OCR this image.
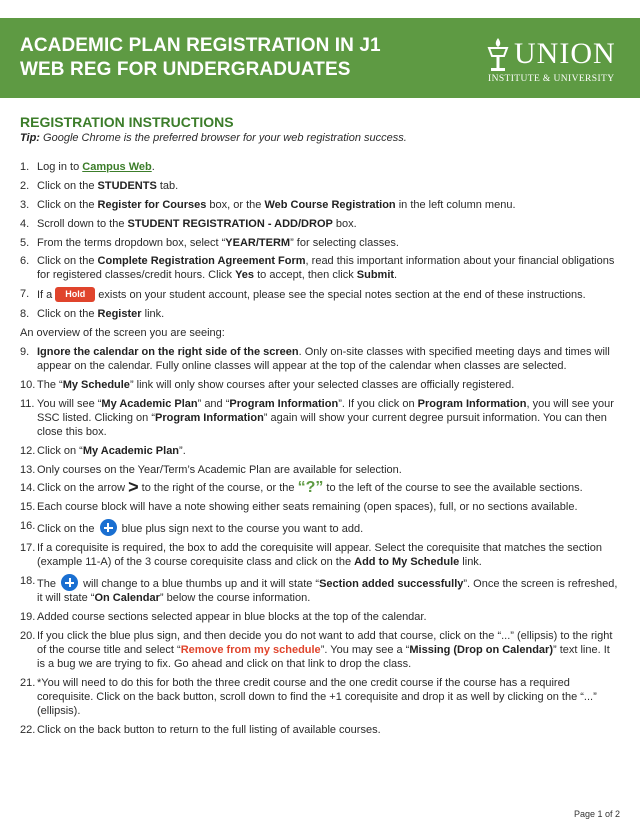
ACADEMIC PLAN REGISTRATION IN J1 WEB REG FOR UNDERGRADUATES	UNION
INSTITUTE & UNIVERSITY
REGISTRATION INSTRUCTIONS
Tip: Google Chrome is the preferred browser for your web registration success.
1. Log in to Campus Web.
2. Click on the STUDENTS tab.
3. Click on the Register for Courses box, or the Web Course Registration in the left column menu.
4. Scroll down to the STUDENT REGISTRATION - ADD/DROP box.
5. From the terms dropdown box, select “YEAR/TERM” for selecting classes.
6. Click on the Complete Registration Agreement Form, read this important information about your financial obligations for registered classes/credit hours. Click Yes to accept, then click Submit.
7. If a Hold exists on your student account, please see the special notes section at the end of these instructions.
8. Click on the Register link.
An overview of the screen you are seeing:
9. Ignore the calendar on the right side of the screen. Only on-site classes with specified meeting days and times will appear on the calendar. Fully online classes will appear at the top of the calendar when classes are selected.
10. The “My Schedule” link will only show courses after your selected classes are officially registered.
11. You will see “My Academic Plan” and “Program Information”. If you click on Program Information, you will see your SSC listed. Clicking on “Program Information” again will show your current degree pursuit information. You can then close this box.
12. Click on “My Academic Plan”.
13. Only courses on the Year/Term’s Academic Plan are available for selection.
14. Click on the arrow > to the right of the course, or the “?” to the left of the course to see the available sections.
15. Each course block will have a note showing either seats remaining (open spaces), full, or no sections available.
16. Click on the  blue plus sign next to the course you want to add.
17. If a corequisite is required, the box to add the corequisite will appear. Select the corequisite that matches the section (example 11-A) of the 3 course corequisite class and click on the Add to My Schedule link.
18. The  will change to a blue thumbs up and it will state “Section added successfully”. Once the screen is refreshed, it will state “On Calendar” below the course information.
19. Added course sections selected appear in blue blocks at the top of the calendar.
20. If you click the blue plus sign, and then decide you do not want to add that course, click on the “...” (ellipsis) to the right of the course title and select “Remove from my schedule”. You may see a “Missing (Drop on Calendar)” text line. It is a bug we are trying to fix. Go ahead and click on that link to drop the class.
21. *You will need to do this for both the three credit course and the one credit course if the course has a required corequisite. Click on the back button, scroll down to find the +1 corequisite and drop it as well by clicking on the “...” (ellipsis).
22. Click on the back button to return to the full listing of available courses.
Page 1 of 2
